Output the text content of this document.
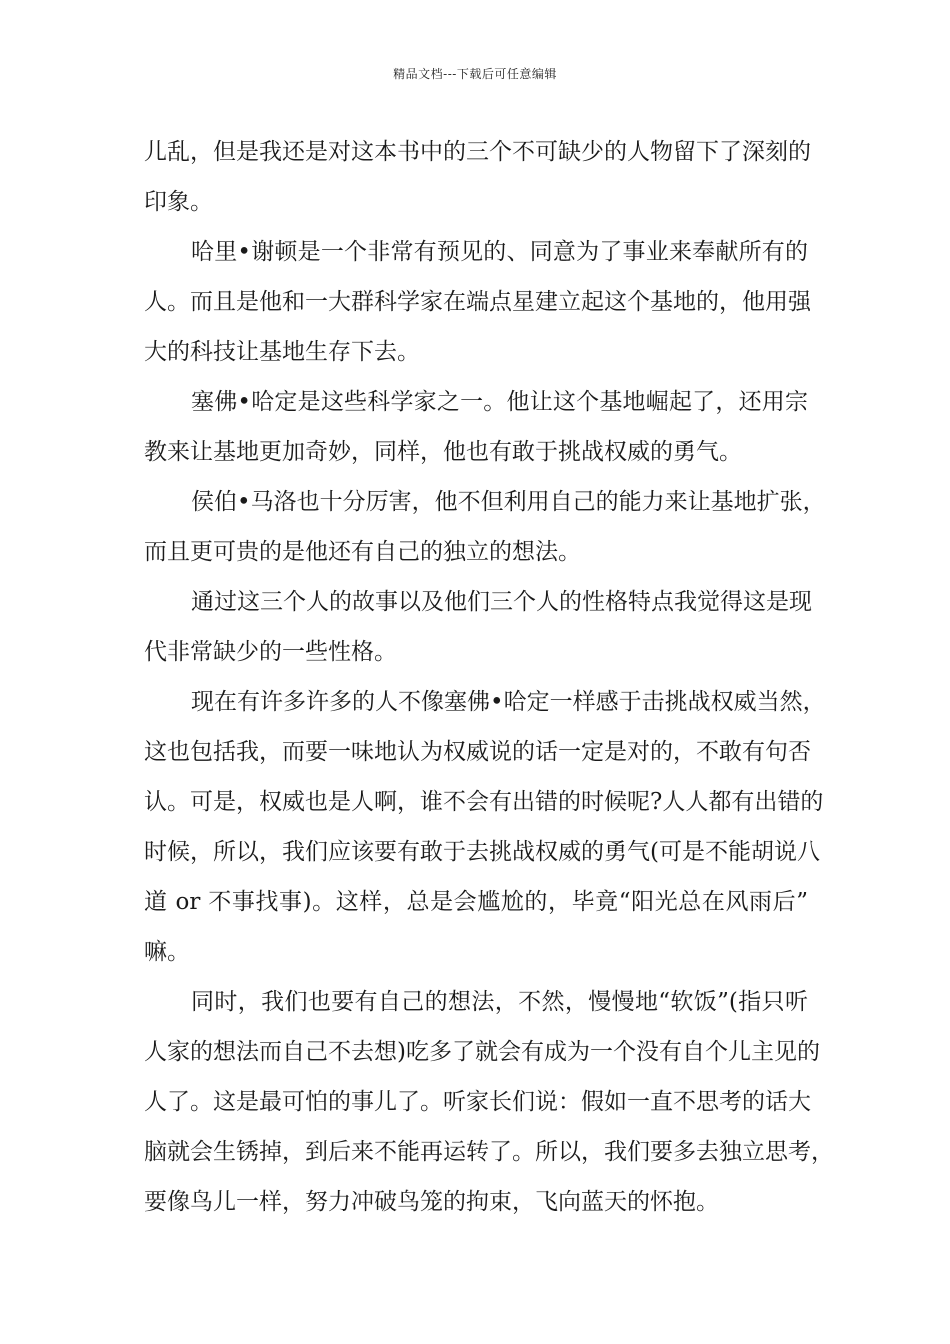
精品文档---下载后可任意编辑
儿乱，但是我还是对这本书中的三个不可缺少的人物留下了深刻的
印象。
哈里•谢顿是一个非常有预见的、同意为了事业来奉献所有的
人。而且是他和一大群科学家在端点星建立起这个基地的，他用强
大的科技让基地生存下去。
塞佛•哈定是这些科学家之一。他让这个基地崛起了，还用宗
教来让基地更加奇妙，同样，他也有敢于挑战权威的勇气。
侯伯•马洛也十分厉害，他不但利用自己的能力来让基地扩张，
而且更可贵的是他还有自己的独立的想法。
通过这三个人的故事以及他们三个人的性格特点我觉得这是现
代非常缺少的一些性格。
现在有许多许多的人不像塞佛•哈定一样感于击挑战权威当然，
这也包括我，而要一味地认为权威说的话一定是对的，不敢有句否
认。可是，权威也是人啊，谁不会有出错的时候呢?人人都有出错的
时候，所以，我们应该要有敢于去挑战权威的勇气(可是不能胡说八
道 or 不事找事)。这样，总是会尴尬的，毕竟“阳光总在风雨后”
嘛。
同时，我们也要有自己的想法，不然，慢慢地“软饭”(指只听
人家的想法而自己不去想)吃多了就会有成为一个没有自个儿主见的
人了。这是最可怕的事儿了。听家长们说：假如一直不思考的话大
脑就会生锈掉，到后来不能再运转了。所以，我们要多去独立思考，
要像鸟儿一样，努力冲破鸟笼的拘束，飞向蓝天的怀抱。
